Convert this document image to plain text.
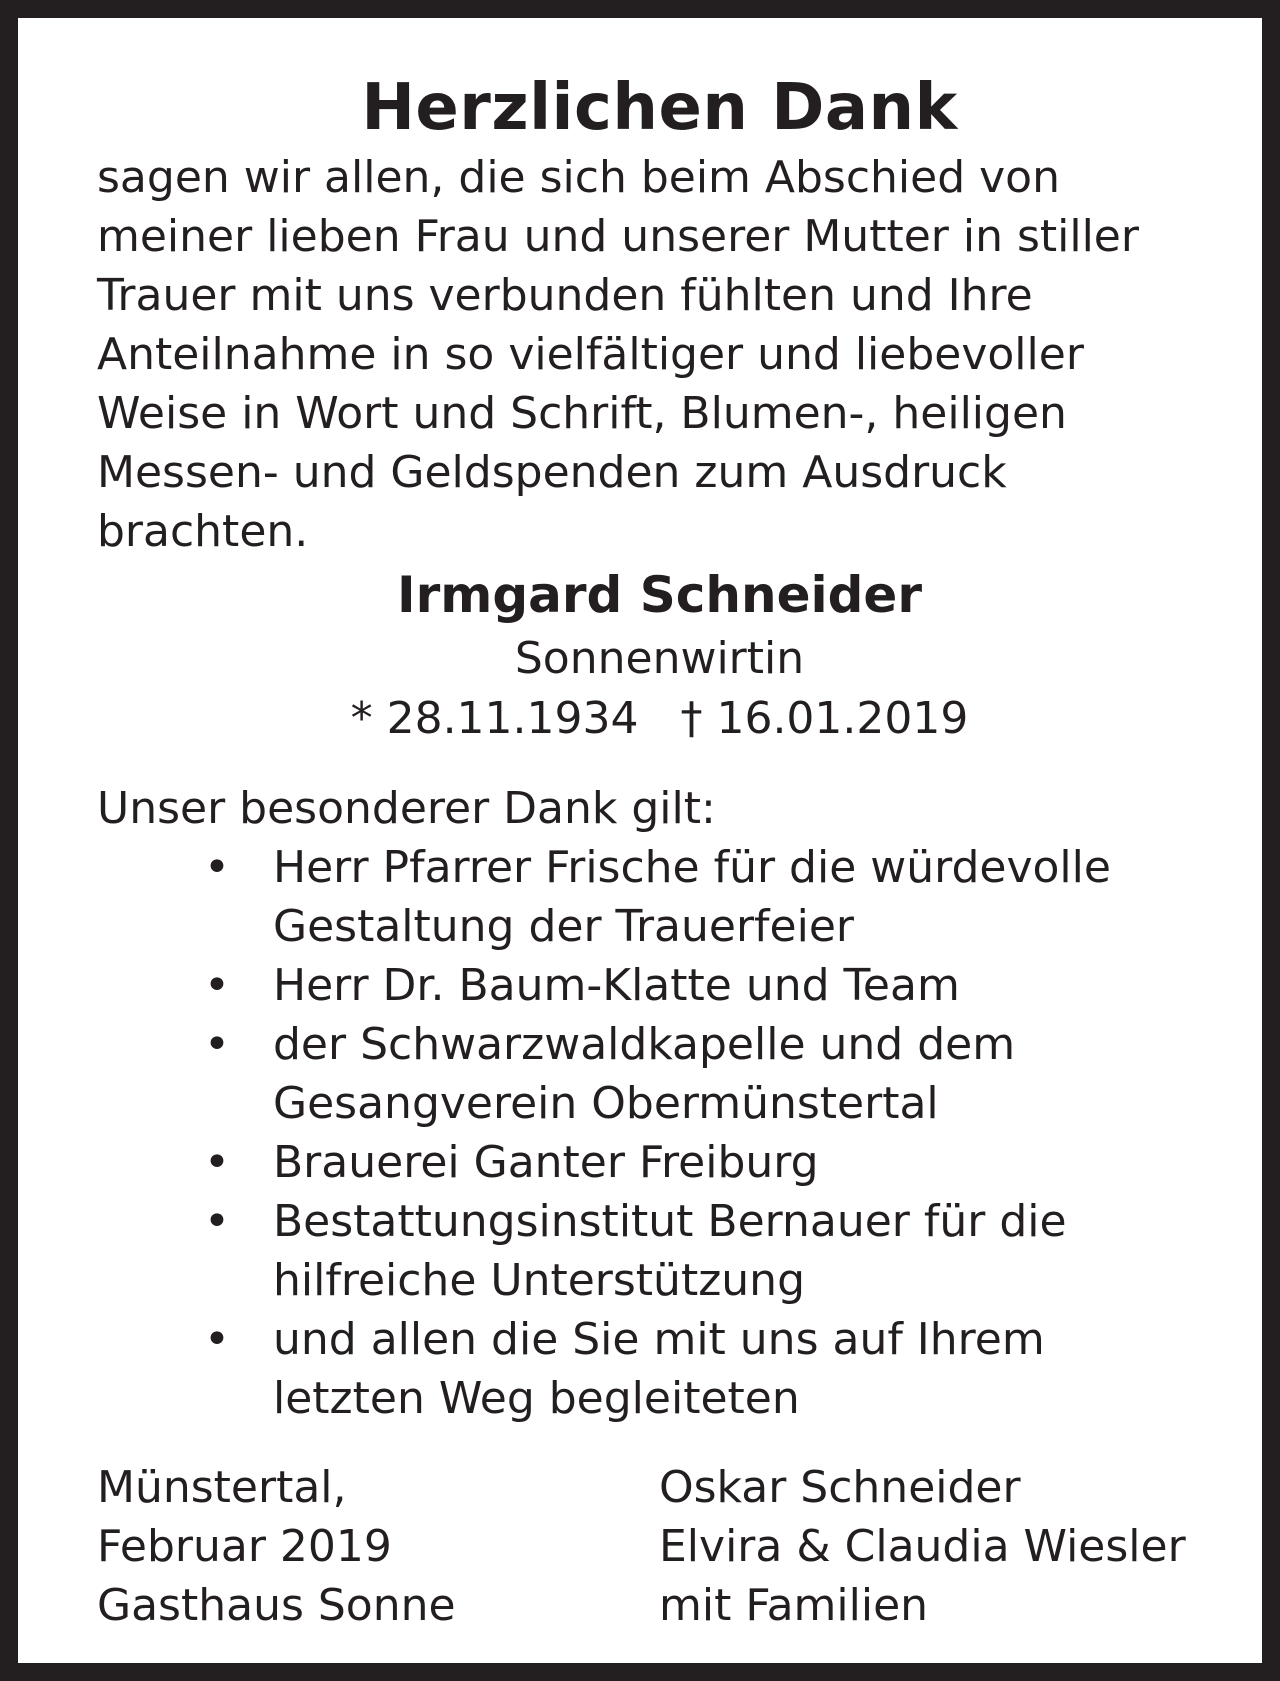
Herzlichen Dank

sagen wir allen, die sich beim Abschied von
meiner lieben Frau und unserer Mutter in stiller
Trauer mit uns verbunden fühlten und Ihre
Anteilnahme in so vielfältiger und liebevoller
Weise in Wort und Schrift, Blumen-, heiligen
Messen- und Geldspenden zum Ausdruck
brachten.

Irmgard Schneider

Sonnenwirtin

* 28.11.1934   † 16.01.2019

Unser besonderer Dank gilt:

• Herr Pfarrer Frische für die würdevolle
Gestaltung der Trauerfeier
• Herr Dr. Baum-Klatte und Team
• der Schwarzwaldkapelle und dem
Gesangverein Obermünstertal
• Brauerei Ganter Freiburg
• Bestattungsinstitut Bernauer für die
hilfreiche Unterstützung
• und allen die Sie mit uns auf Ihrem
letzten Weg begleiteten
Münstertal,
Februar 2019
Gasthaus Sonne
Oskar Schneider
Elvira & Claudia Wiesler
mit Familien
